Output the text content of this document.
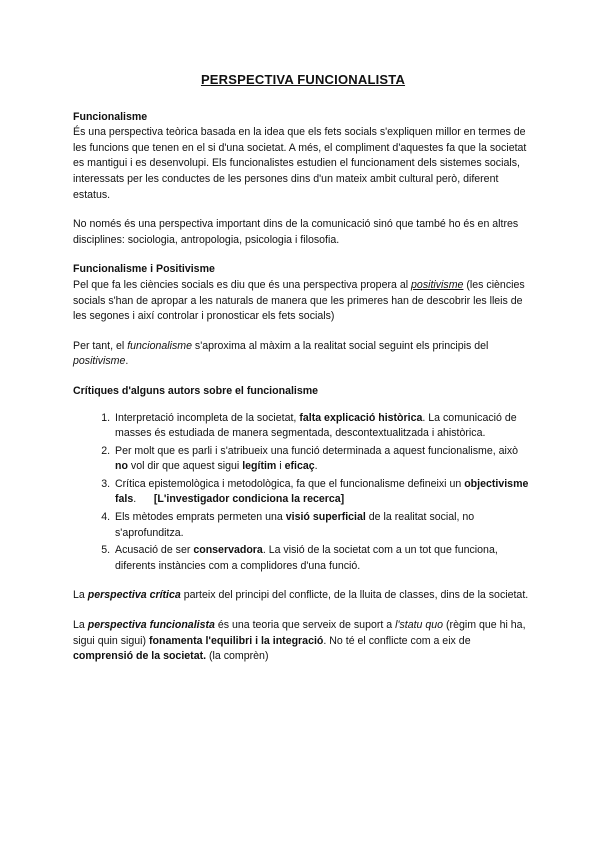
PERSPECTIVA FUNCIONALISTA
Funcionalisme

És una perspectiva teòrica basada en la idea que els fets socials s'expliquen millor en termes de les funcions que tenen en el si d'una societat. A més, el compliment d'aquestes fa que la societat es mantigui i es desenvolupi. Els funcionalistes estudien el funcionament dels sistemes socials, interessats per les conductes de les persones dins d'un mateix ambit cultural però, diferent estatus.

No només és una perspectiva important dins de la comunicació sinó que també ho és en altres disciplines: sociologia, antropologia, psicologia i filosofia.

Funcionalisme i Positivisme

Pel que fa les ciències socials es diu que és una perspectiva propera al positivisme (les ciències socials s'han de apropar a les naturals de manera que les primeres han de descobrir les lleis de les segones i així controlar i pronosticar els fets socials)

Per tant, el funcionalisme s'aproxima al màxim a la realitat social seguint els principis del positivisme.

Crítiques d'alguns autors sobre el funcionalisme
1. Interpretació incompleta de la societat, falta explicació històrica. La comunicació de masses és estudiada de manera segmentada, descontextualitzada i ahistòrica.
2. Per molt que es parli i s'atribueix una funció determinada a aquest funcionalisme, això no vol dir que aquest sigui legítim i eficaç.
3. Crítica epistemològica i metodològica, fa que el funcionalisme defineixi un objectivisme fals.      [L'investigador condiciona la recerca]
4. Els mètodes emprats permeten una visió superficial de la realitat social, no s'aprofunditza.
5. Acusació de ser conservadora. La visió de la societat com a un tot que funciona, diferents instàncies com a complidores d'una funció.

La perspectiva crítica parteix del principi del conflicte, de la lluita de classes, dins de la societat.

La perspectiva funcionalista és una teoria que serveix de suport a l'statu quo (règim que hi ha, sigui quin sigui) fonamenta l'equilibri i la integració. No té el conflicte com a eix de comprensió de la societat. (la comprèn)
